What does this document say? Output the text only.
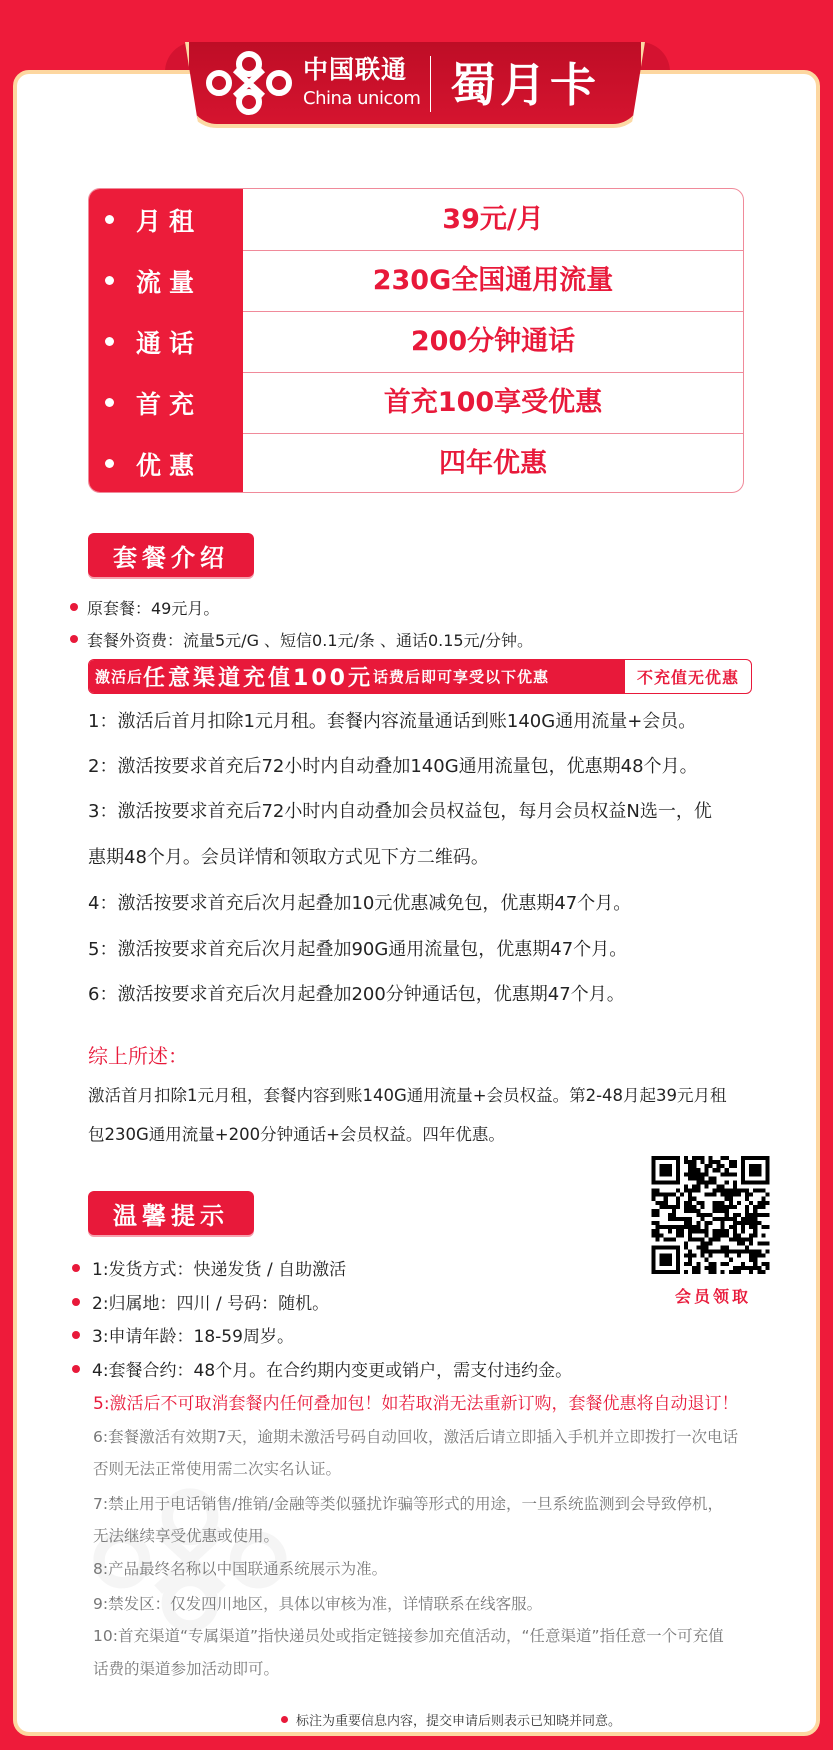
中国联通
China unicom 蜀月卡
月租	39元/月
流量	230G全国通用流量
通话	200分钟通话
首充	首充100享受优惠
优惠	四年优惠
套餐介绍
原套餐：49元月。
套餐外资费：流量5元/G 、短信0.1元/条 、通话0.15元/分钟。
激活后 任意渠道充值100元 话费后即可享受以下优惠	不充值无优惠
1：激活后首月扣除1元月租。套餐内容流量通话到账140G通用流量+会员。
2：激活按要求首充后72小时内自动叠加140G通用流量包，优惠期48个月。
3：激活按要求首充后72小时内自动叠加会员权益包，每月会员权益N选一，优
惠期48个月。会员详情和领取方式见下方二维码。
4：激活按要求首充后次月起叠加10元优惠减免包，优惠期47个月。
5：激活按要求首充后次月起叠加90G通用流量包，优惠期47个月。
6：激活按要求首充后次月起叠加200分钟通话包，优惠期47个月。
综上所述：
激活首月扣除1元月租，套餐内容到账140G通用流量+会员权益。第2-48月起39元月租
包230G通用流量+200分钟通话+会员权益。四年优惠。
会员领取
温馨提示
1:发货方式：快递发货 / 自助激活
2:归属地：四川 / 号码：随机。
3:申请年龄：18-59周岁。
4:套餐合约：48个月。在合约期内变更或销户，需支付违约金。
5:激活后不可取消套餐内任何叠加包！如若取消无法重新订购，套餐优惠将自动退订！
6:套餐激活有效期7天，逾期未激活号码自动回收，激活后请立即插入手机并立即拨打一次电话
否则无法正常使用需二次实名认证。
7:禁止用于电话销售/推销/金融等类似骚扰诈骗等形式的用途，一旦系统监测到会导致停机，
无法继续享受优惠或使用。
8:产品最终名称以中国联通系统展示为准。
9:禁发区：仅发四川地区，具体以审核为准，详情联系在线客服。
10:首充渠道“专属渠道”指快递员处或指定链接参加充值活动，“任意渠道”指任意一个可充值
话费的渠道参加活动即可。
标注为重要信息内容，提交申请后则表示已知晓并同意。
